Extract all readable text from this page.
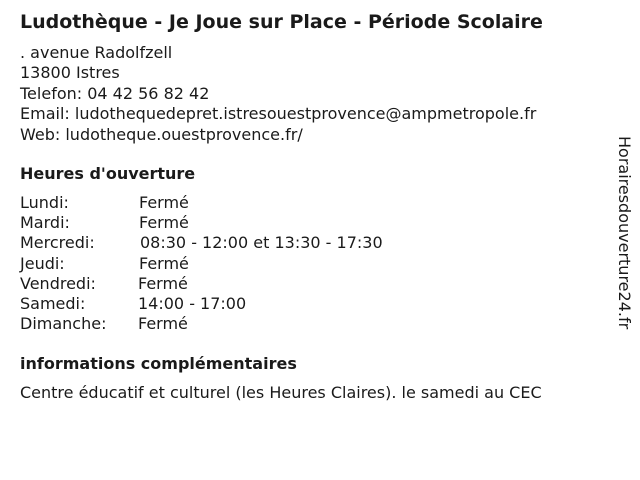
Ludothèque - Je Joue sur Place - Période Scolaire
. avenue Radolfzell
13800 Istres
Telefon: 04 42 56 82 42
Email: ludothequedepret.istresouestprovence@ampmetropole.fr
Web: ludotheque.ouestprovence.fr/
Heures d'ouverture
Lundi:	Fermé
Mardi:	Fermé
Mercredi:	08:30 - 12:00 et 13:30 - 17:30
Jeudi:	Fermé
Vendredi:	Fermé
Samedi:	14:00 - 17:00
Dimanche: Fermé
informations complémentaires
Centre éducatif et culturel (les Heures Claires). le samedi au CEC
Horairesdouverture24.fr
